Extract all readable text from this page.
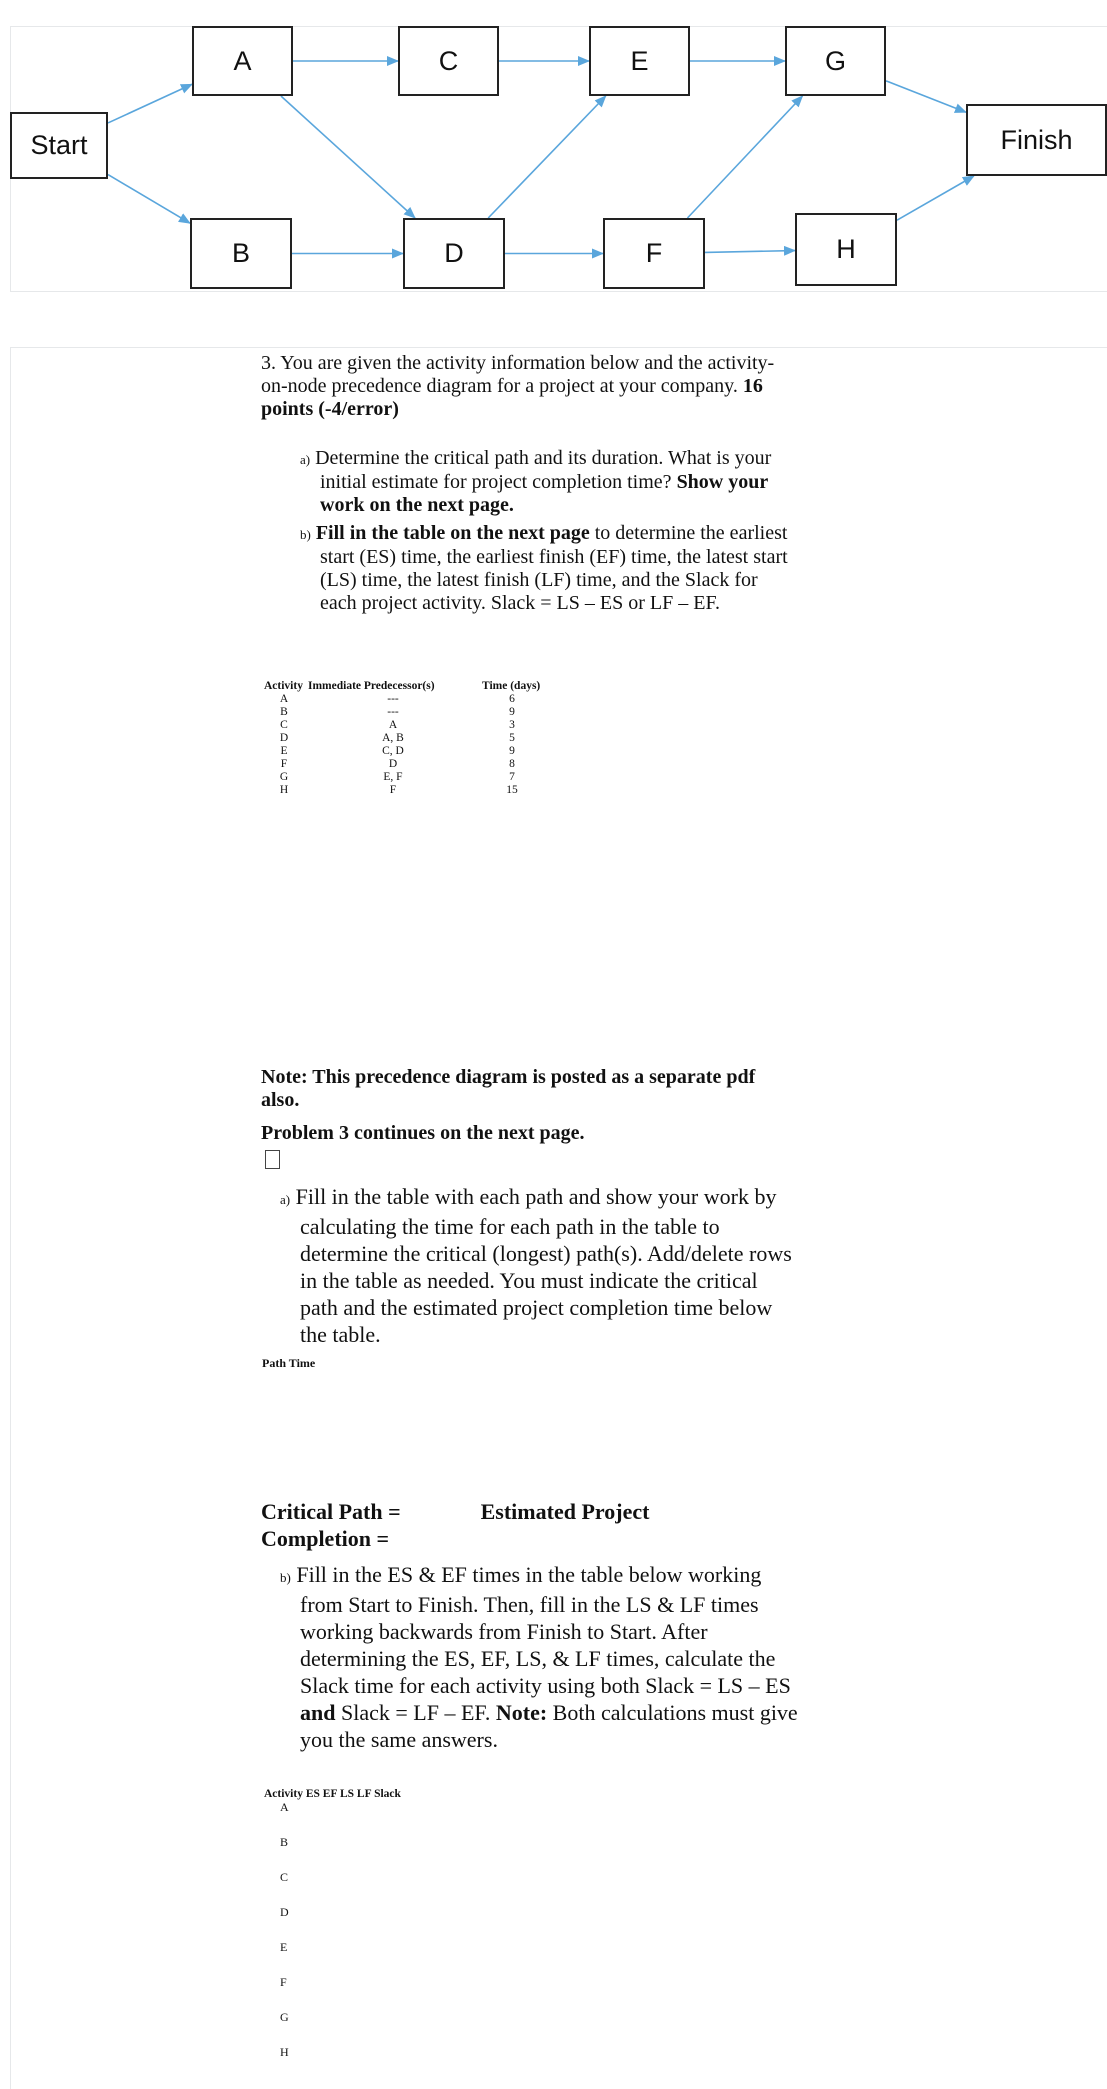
Start
A
B
C
D
E
F
G
H
Finish

3. You are given the activity information below and the activity-on-node precedence diagram for a project at your company. 16 points (-4/error)

a) Determine the critical path and its duration. What is your initial estimate for project completion time? Show your work on the next page.

b) Fill in the table on the next page to determine the earliest start (ES) time, the earliest finish (EF) time, the latest start (LS) time, the latest finish (LF) time, and the Slack for each project activity. Slack = LS – ES or LF – EF.

Activity	Immediate Predecessor(s)	Time (days)
A	---	6
B	---	9
C	A	3
D	A, B	5
E	C, D	9
F	D	8
G	E, F	7
H	F	15

Note: This precedence diagram is posted as a separate pdf also.

Problem 3 continues on the next page.

a) Fill in the table with each path and show your work by calculating the time for each path in the table to determine the critical (longest) path(s). Add/delete rows in the table as needed. You must indicate the critical path and the estimated project completion time below the table.

Path Time
Critical Path =	Estimated Project
Completion =

b) Fill in the ES & EF times in the table below working from Start to Finish. Then, fill in the LS & LF times working backwards from Finish to Start. After determining the ES, EF, LS, & LF times, calculate the Slack time for each activity using both Slack = LS – ES and Slack = LF – EF. Note: Both calculations must give you the same answers.

Activity ES EF LS LF Slack
A
B
C
D
E
F
G
H
